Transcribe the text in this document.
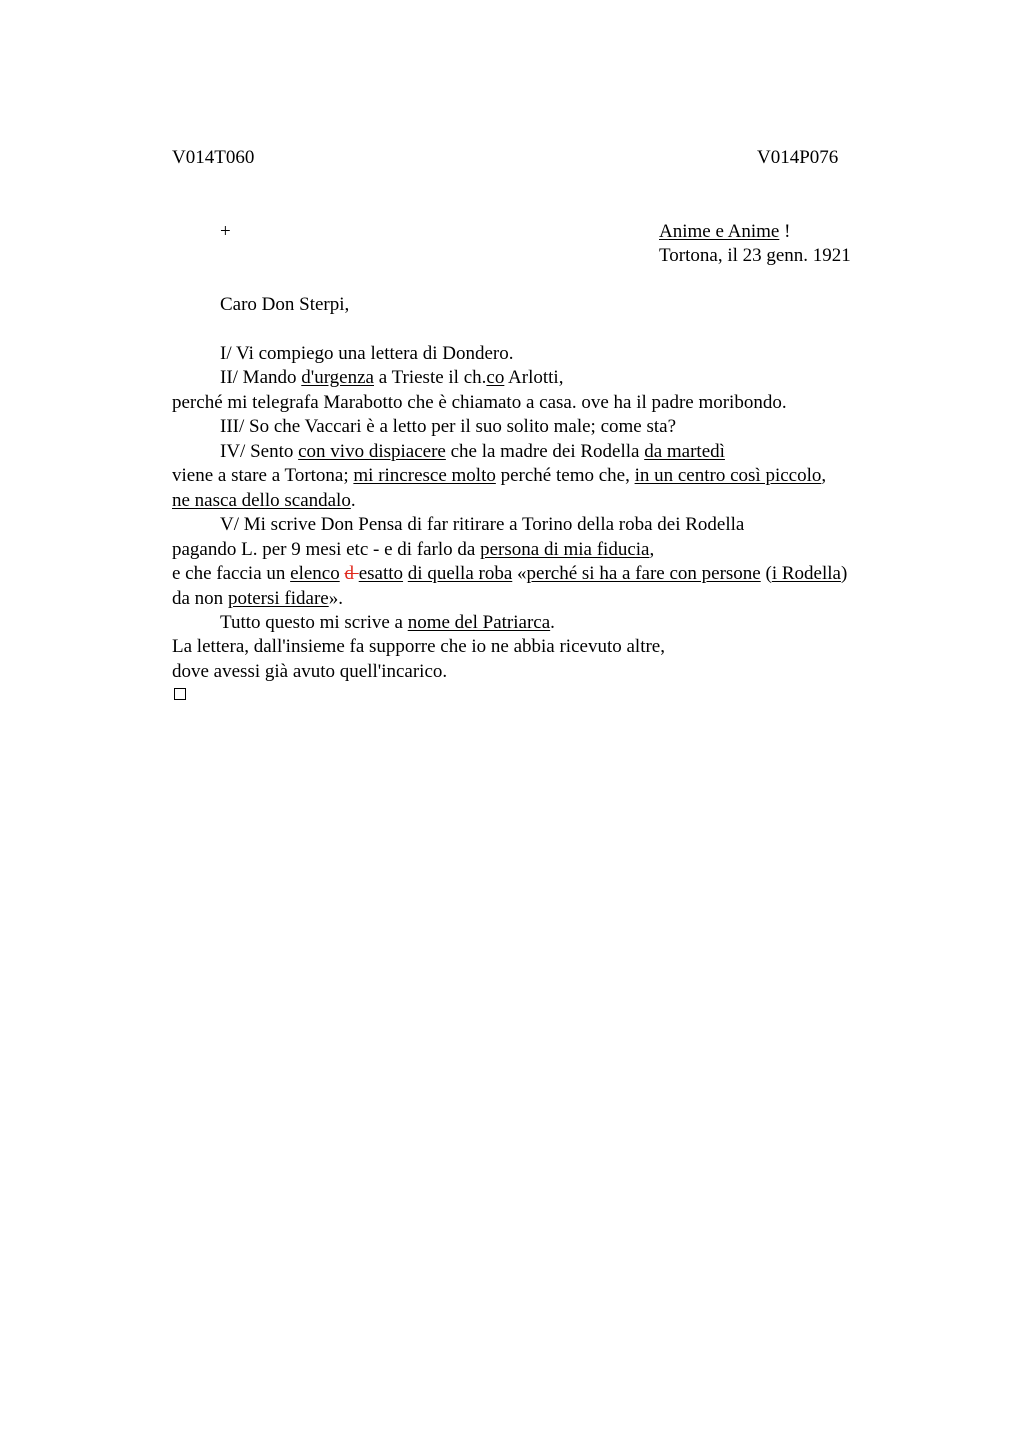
V014T060	V014P076
+	Anime e Anime !
Tortona, il 23 genn. 1921
Caro Don Sterpi,
I/ Vi compiego una lettera di Dondero.
II/ Mando d'urgenza a Trieste il ch.co Arlotti,
perché mi telegrafa Marabotto che è chiamato a casa. ove ha il padre moribondo.
III/ So che Vaccari è a letto per il suo solito male; come sta?
IV/ Sento con vivo dispiacere che la madre dei Rodella da martedì
viene a stare a Tortona; mi rincresce molto perché temo che, in un centro così piccolo,
ne nasca dello scandalo.
V/ Mi scrive Don Pensa di far ritirare a Torino della roba dei Rodella
pagando L. per 9 mesi etc - e di farlo da persona di mia fiducia,
e che faccia un elenco d esatto di quella roba «perché si ha a fare con persone (i Rodella)
da non potersi fidare».
Tutto questo mi scrive a nome del Patriarca.
La lettera, dall'insieme fa supporre che io ne abbia ricevuto altre,
dove avessi già avuto quell'incarico.
